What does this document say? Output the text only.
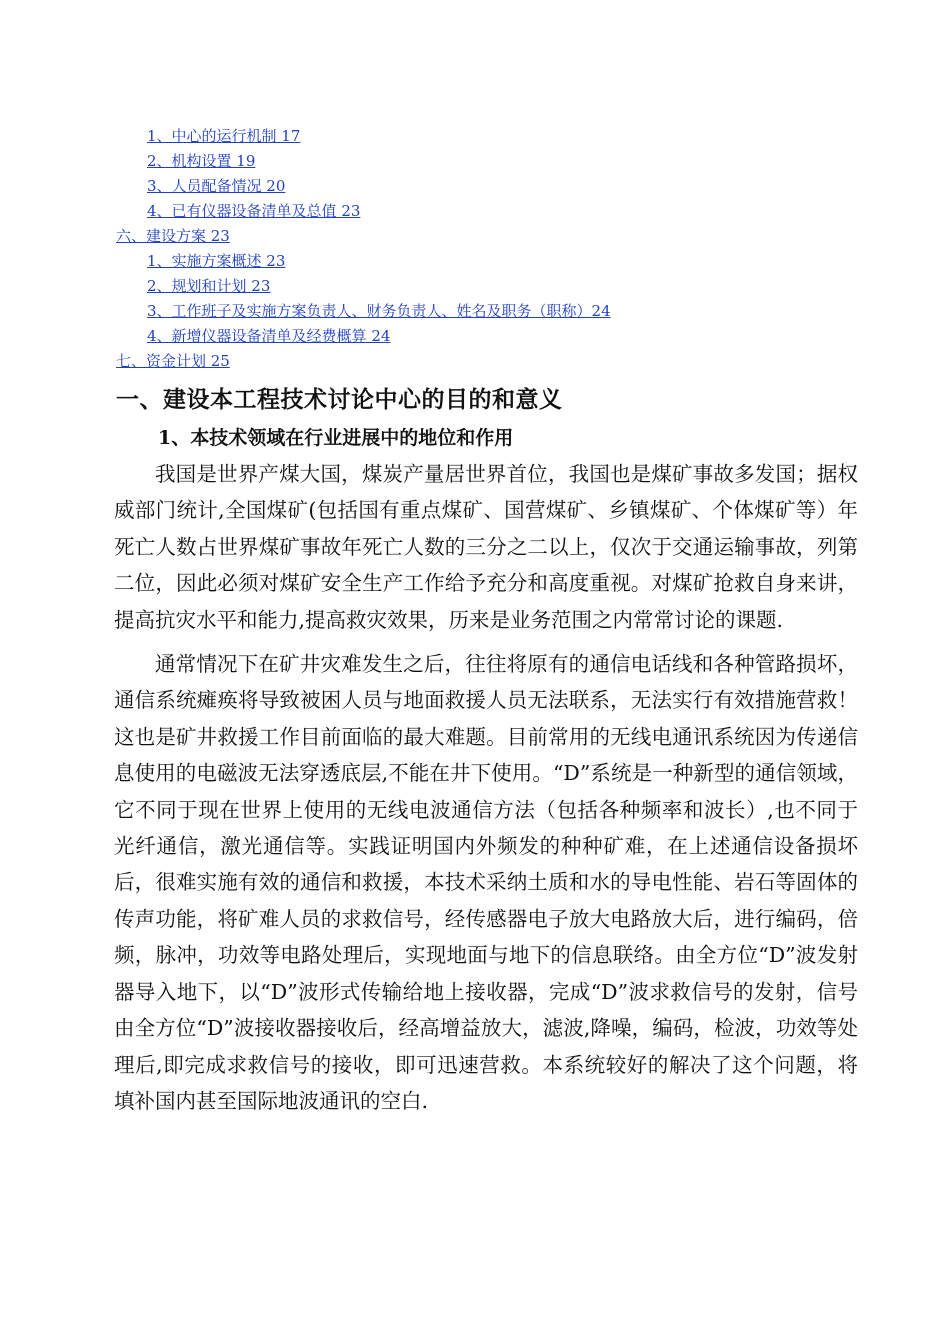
1、中心的运行机制 17
2、机构设置 19
3、人员配备情况 20
4、已有仪器设备清单及总值 23
六、建设方案 23
1、实施方案概述 23
2、规划和计划 23
3、工作班子及实施方案负责人、财务负责人、姓名及职务（职称）24
4、新增仪器设备清单及经费概算 24
七、资金计划 25
一、建设本工程技术讨论中心的目的和意义
1、本技术领域在行业进展中的地位和作用

我国是世界产煤大国，煤炭产量居世界首位，我国也是煤矿事故多发国；据权威部门统计,全国煤矿(包括国有重点煤矿、国营煤矿、乡镇煤矿、个体煤矿等）年死亡人数占世界煤矿事故年死亡人数的三分之二以上，仅次于交通运输事故，列第二位，因此必须对煤矿安全生产工作给予充分和高度重视。对煤矿抢救自身来讲，提高抗灾水平和能力,提高救灾效果，历来是业务范围之内常常讨论的课题.

通常情况下在矿井灾难发生之后，往往将原有的通信电话线和各种管路损坏，通信系统瘫痪将导致被困人员与地面救援人员无法联系，无法实行有效措施营救！这也是矿井救援工作目前面临的最大难题。目前常用的无线电通讯系统因为传递信息使用的电磁波无法穿透底层,不能在井下使用。“D”系统是一种新型的通信领域，它不同于现在世界上使用的无线电波通信方法（包括各种频率和波长）,也不同于光纤通信，激光通信等。实践证明国内外频发的种种矿难，在上述通信设备损坏后，很难实施有效的通信和救援，本技术采纳土质和水的导电性能、岩石等固体的传声功能，将矿难人员的求救信号，经传感器电子放大电路放大后，进行编码，倍频，脉冲，功效等电路处理后，实现地面与地下的信息联络。由全方位“D”波发射器导入地下，以“D”波形式传输给地上接收器，完成“D”波求救信号的发射，信号由全方位“D”波接收器接收后，经高增益放大，滤波,降噪，编码，检波，功效等处理后,即完成求救信号的接收，即可迅速营救。本系统较好的解决了这个问题，将填补国内甚至国际地波通讯的空白.
